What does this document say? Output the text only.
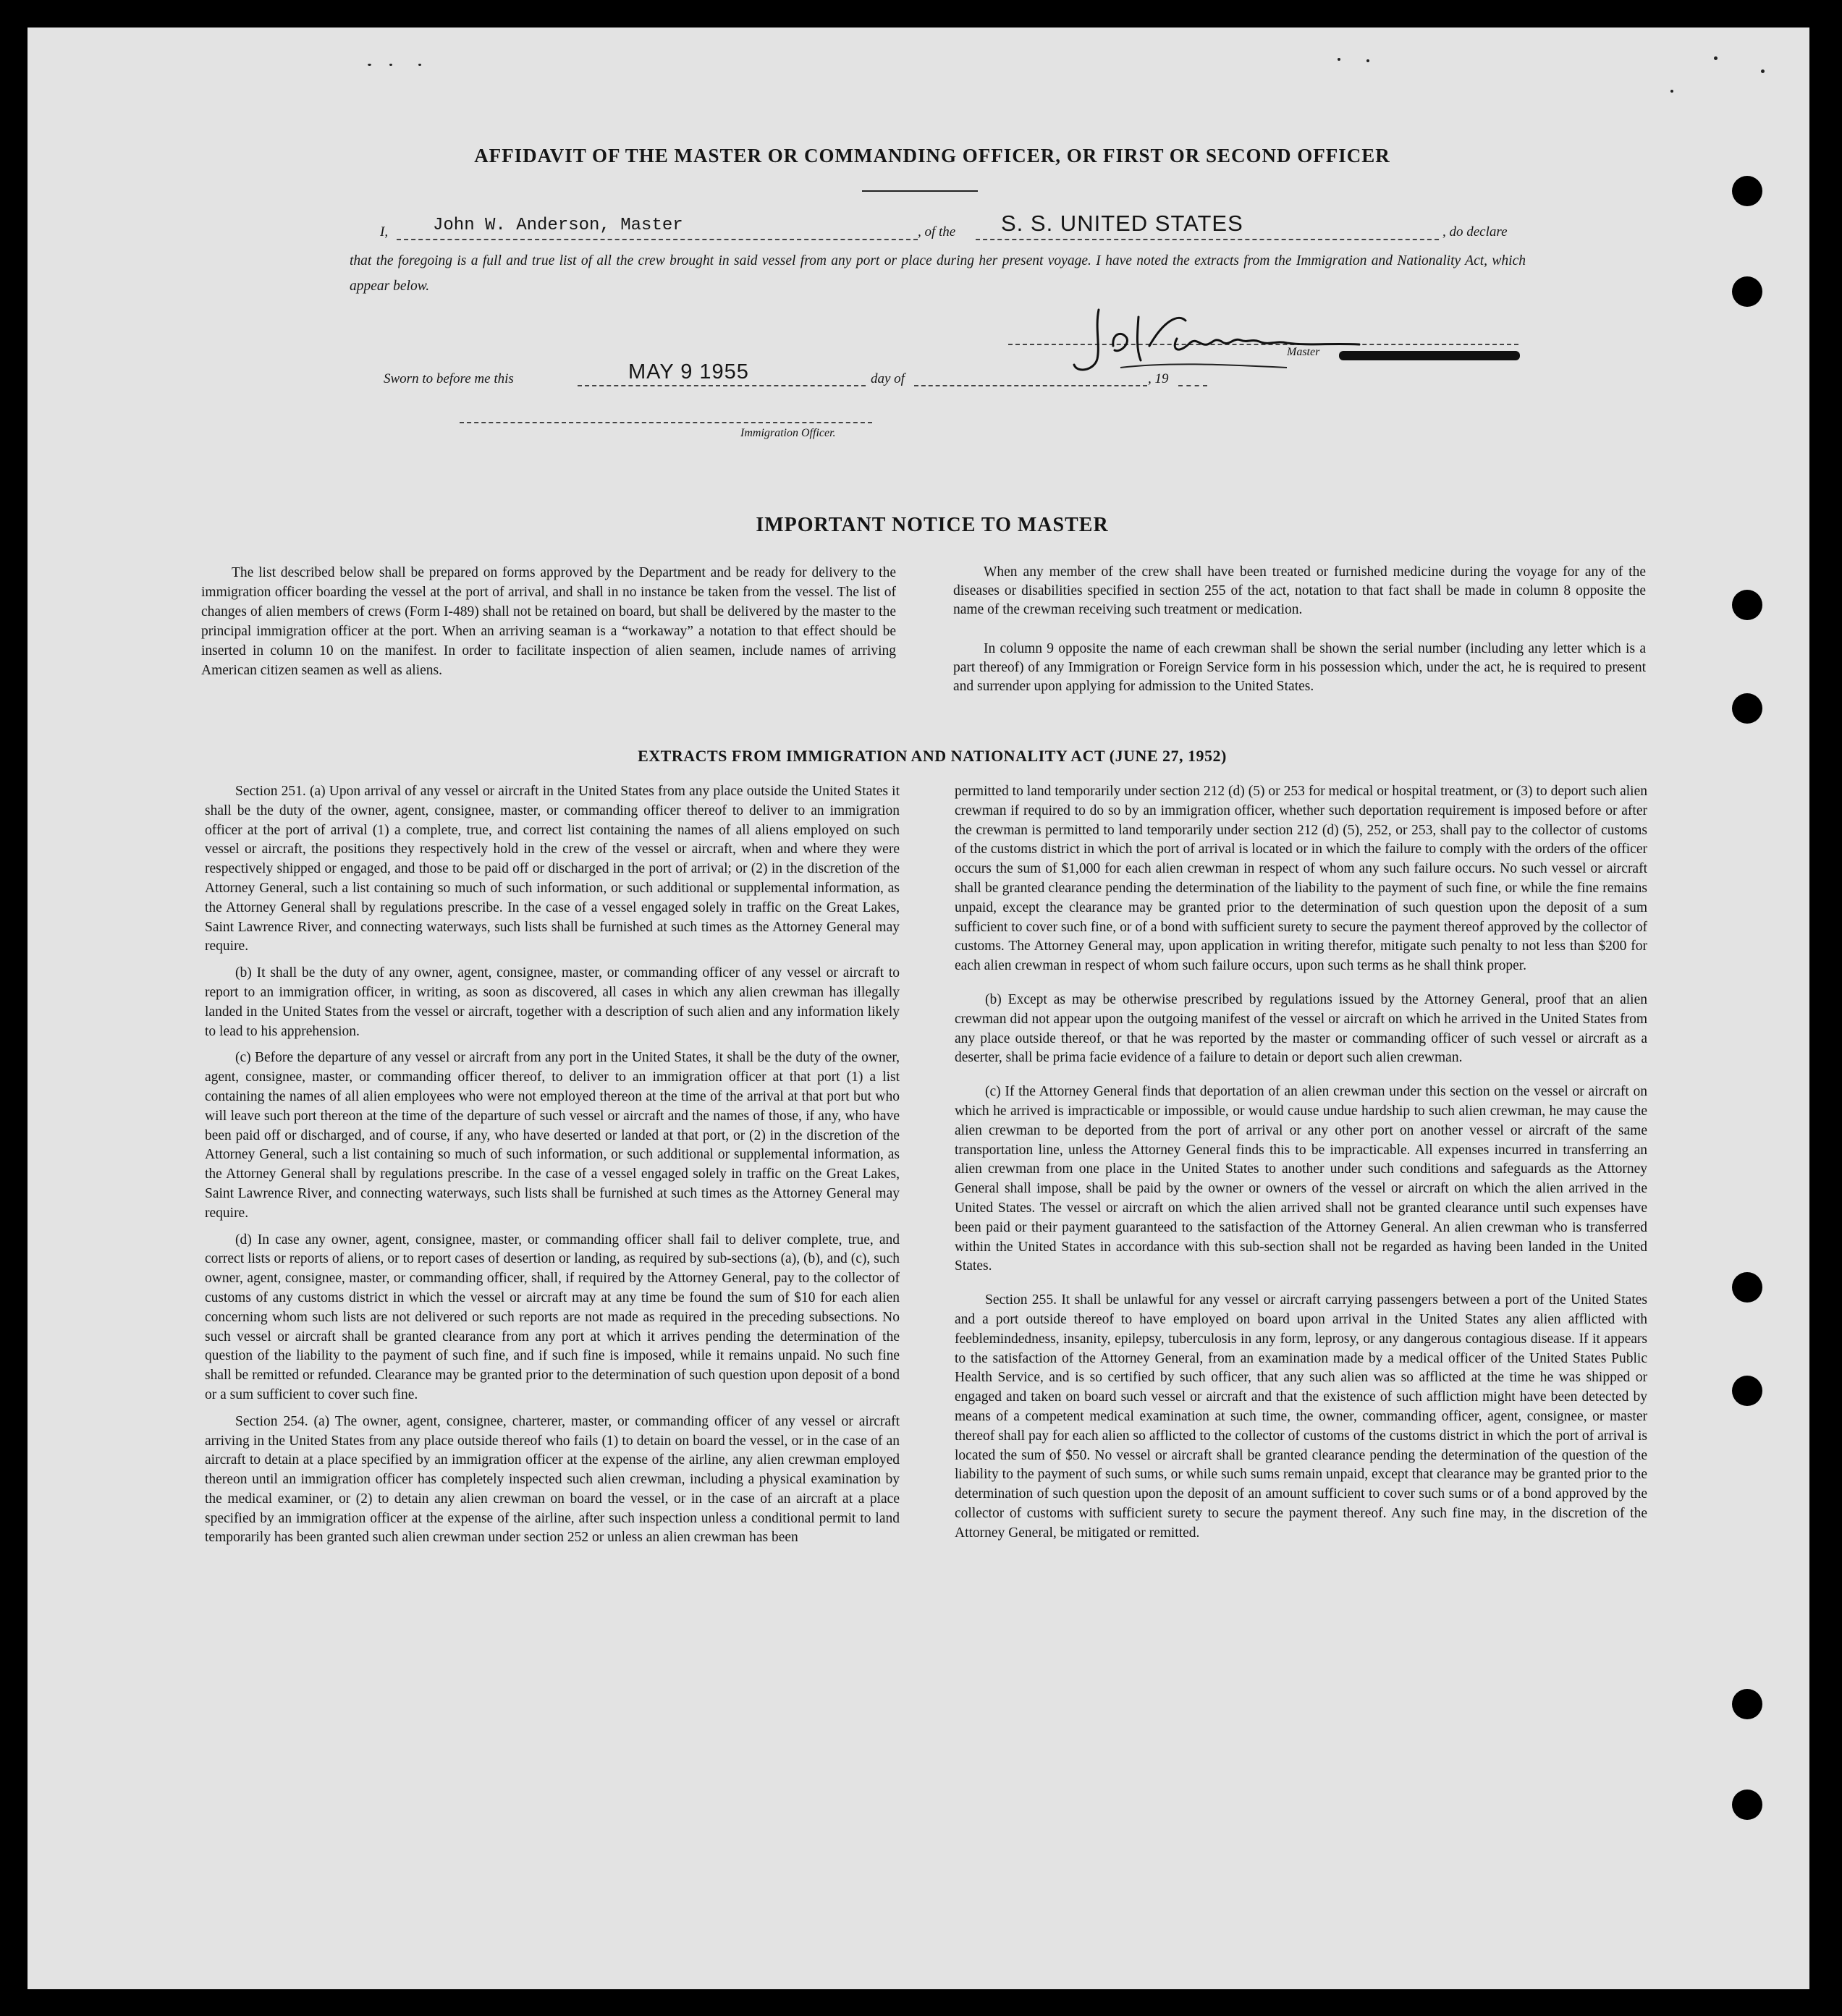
AFFIDAVIT OF THE MASTER OR COMMANDING OFFICER, OR FIRST OR SECOND OFFICER
I,	John W. Anderson, Master	, of the S. S. UNITED STATES	, do declare

that the foregoing is a full and true list of all the crew brought in said vessel from any port or place during her present voyage. I have noted the extracts from the Immigration and Nationality Act, which appear below.

Master
Sworn to before me this	MAY 9 1955	day of	, 19
Immigration Officer.
IMPORTANT NOTICE TO MASTER

The list described below shall be prepared on forms approved by the Department and be ready for delivery to the immigration officer boarding the vessel at the port of arrival, and shall in no instance be taken from the vessel. The list of changes of alien members of crews (Form I-489) shall not be retained on board, but shall be delivered by the master to the principal immigration officer at the port. When an arriving seaman is a “workaway” a notation to that effect should be inserted in column 10 on the manifest. In order to facilitate inspection of alien seamen, include names of arriving American citizen seamen as well as aliens.

When any member of the crew shall have been treated or furnished medicine during the voyage for any of the diseases or disabilities specified in section 255 of the act, notation to that fact shall be made in column 8 opposite the name of the crewman receiving such treatment or medication.

In column 9 opposite the name of each crewman shall be shown the serial number (including any letter which is a part thereof) of any Immigration or Foreign Service form in his possession which, under the act, he is required to present and surrender upon applying for admission to the United States.

EXTRACTS FROM IMMIGRATION AND NATIONALITY ACT (JUNE 27, 1952)

Section 251. (a) Upon arrival of any vessel or aircraft in the United States from any place outside the United States it shall be the duty of the owner, agent, consignee, master, or commanding officer thereof to deliver to an immigration officer at the port of arrival (1) a complete, true, and correct list containing the names of all aliens employed on such vessel or aircraft, the positions they respectively hold in the crew of the vessel or aircraft, when and where they were respectively shipped or engaged, and those to be paid off or discharged in the port of arrival; or (2) in the discretion of the Attorney General, such a list containing so much of such information, or such additional or supplemental information, as the Attorney General shall by regulations prescribe. In the case of a vessel engaged solely in traffic on the Great Lakes, Saint Lawrence River, and connecting waterways, such lists shall be furnished at such times as the Attorney General may require.

(b) It shall be the duty of any owner, agent, consignee, master, or commanding officer of any vessel or aircraft to report to an immigration officer, in writing, as soon as discovered, all cases in which any alien crewman has illegally landed in the United States from the vessel or aircraft, together with a description of such alien and any information likely to lead to his apprehension.

(c) Before the departure of any vessel or aircraft from any port in the United States, it shall be the duty of the owner, agent, consignee, master, or commanding officer thereof, to deliver to an immigration officer at that port (1) a list containing the names of all alien employees who were not employed thereon at the time of the arrival at that port but who will leave such port thereon at the time of the departure of such vessel or aircraft and the names of those, if any, who have been paid off or discharged, and of course, if any, who have deserted or landed at that port, or (2) in the discretion of the Attorney General, such a list containing so much of such information, or such additional or supplemental information, as the Attorney General shall by regulations prescribe. In the case of a vessel engaged solely in traffic on the Great Lakes, Saint Lawrence River, and connecting waterways, such lists shall be furnished at such times as the Attorney General may require.

(d) In case any owner, agent, consignee, master, or commanding officer shall fail to deliver complete, true, and correct lists or reports of aliens, or to report cases of desertion or landing, as required by sub-sections (a), (b), and (c), such owner, agent, consignee, master, or commanding officer, shall, if required by the Attorney General, pay to the collector of customs of any customs district in which the vessel or aircraft may at any time be found the sum of $10 for each alien concerning whom such lists are not delivered or such reports are not made as required in the preceding subsections. No such vessel or aircraft shall be granted clearance from any port at which it arrives pending the determination of the question of the liability to the payment of such fine, and if such fine is imposed, while it remains unpaid. No such fine shall be remitted or refunded. Clearance may be granted prior to the determination of such question upon deposit of a bond or a sum sufficient to cover such fine.

Section 254. (a) The owner, agent, consignee, charterer, master, or commanding officer of any vessel or aircraft arriving in the United States from any place outside thereof who fails (1) to detain on board the vessel, or in the case of an aircraft to detain at a place specified by an immigration officer at the expense of the airline, any alien crewman employed thereon until an immigration officer has completely inspected such alien crewman, including a physical examination by the medical examiner, or (2) to detain any alien crewman on board the vessel, or in the case of an aircraft at a place specified by an immigration officer at the expense of the airline, after such inspection unless a conditional permit to land temporarily has been granted such alien crewman under section 252 or unless an alien crewman has been

permitted to land temporarily under section 212 (d) (5) or 253 for medical or hospital treatment, or (3) to deport such alien crewman if required to do so by an immigration officer, whether such deportation requirement is imposed before or after the crewman is permitted to land temporarily under section 212 (d) (5), 252, or 253, shall pay to the collector of customs of the customs district in which the port of arrival is located or in which the failure to comply with the orders of the officer occurs the sum of $1,000 for each alien crewman in respect of whom any such failure occurs. No such vessel or aircraft shall be granted clearance pending the determination of the liability to the payment of such fine, or while the fine remains unpaid, except the clearance may be granted prior to the determination of such question upon the deposit of a sum sufficient to cover such fine, or of a bond with sufficient surety to secure the payment thereof approved by the collector of customs. The Attorney General may, upon application in writing therefor, mitigate such penalty to not less than $200 for each alien crewman in respect of whom such failure occurs, upon such terms as he shall think proper.

(b) Except as may be otherwise prescribed by regulations issued by the Attorney General, proof that an alien crewman did not appear upon the outgoing manifest of the vessel or aircraft on which he arrived in the United States from any place outside thereof, or that he was reported by the master or commanding officer of such vessel or aircraft as a deserter, shall be prima facie evidence of a failure to detain or deport such alien crewman.

(c) If the Attorney General finds that deportation of an alien crewman under this section on the vessel or aircraft on which he arrived is impracticable or impossible, or would cause undue hardship to such alien crewman, he may cause the alien crewman to be deported from the port of arrival or any other port on another vessel or aircraft of the same transportation line, unless the Attorney General finds this to be impracticable. All expenses incurred in transferring an alien crewman from one place in the United States to another under such conditions and safeguards as the Attorney General shall impose, shall be paid by the owner or owners of the vessel or aircraft on which the alien arrived in the United States. The vessel or aircraft on which the alien arrived shall not be granted clearance until such expenses have been paid or their payment guaranteed to the satisfaction of the Attorney General. An alien crewman who is transferred within the United States in accordance with this sub-section shall not be regarded as having been landed in the United States.

Section 255. It shall be unlawful for any vessel or aircraft carrying passengers between a port of the United States and a port outside thereof to have employed on board upon arrival in the United States any alien afflicted with feeblemindedness, insanity, epilepsy, tuberculosis in any form, leprosy, or any dangerous contagious disease. If it appears to the satisfaction of the Attorney General, from an examination made by a medical officer of the United States Public Health Service, and is so certified by such officer, that any such alien was so afflicted at the time he was shipped or engaged and taken on board such vessel or aircraft and that the existence of such affliction might have been detected by means of a competent medical examination at such time, the owner, commanding officer, agent, consignee, or master thereof shall pay for each alien so afflicted to the collector of customs of the customs district in which the port of arrival is located the sum of $50. No vessel or aircraft shall be granted clearance pending the determination of the question of the liability to the payment of such sums, or while such sums remain unpaid, except that clearance may be granted prior to the determination of such question upon the deposit of an amount sufficient to cover such sums or of a bond approved by the collector of customs with sufficient surety to secure the payment thereof. Any such fine may, in the discretion of the Attorney General, be mitigated or remitted.
